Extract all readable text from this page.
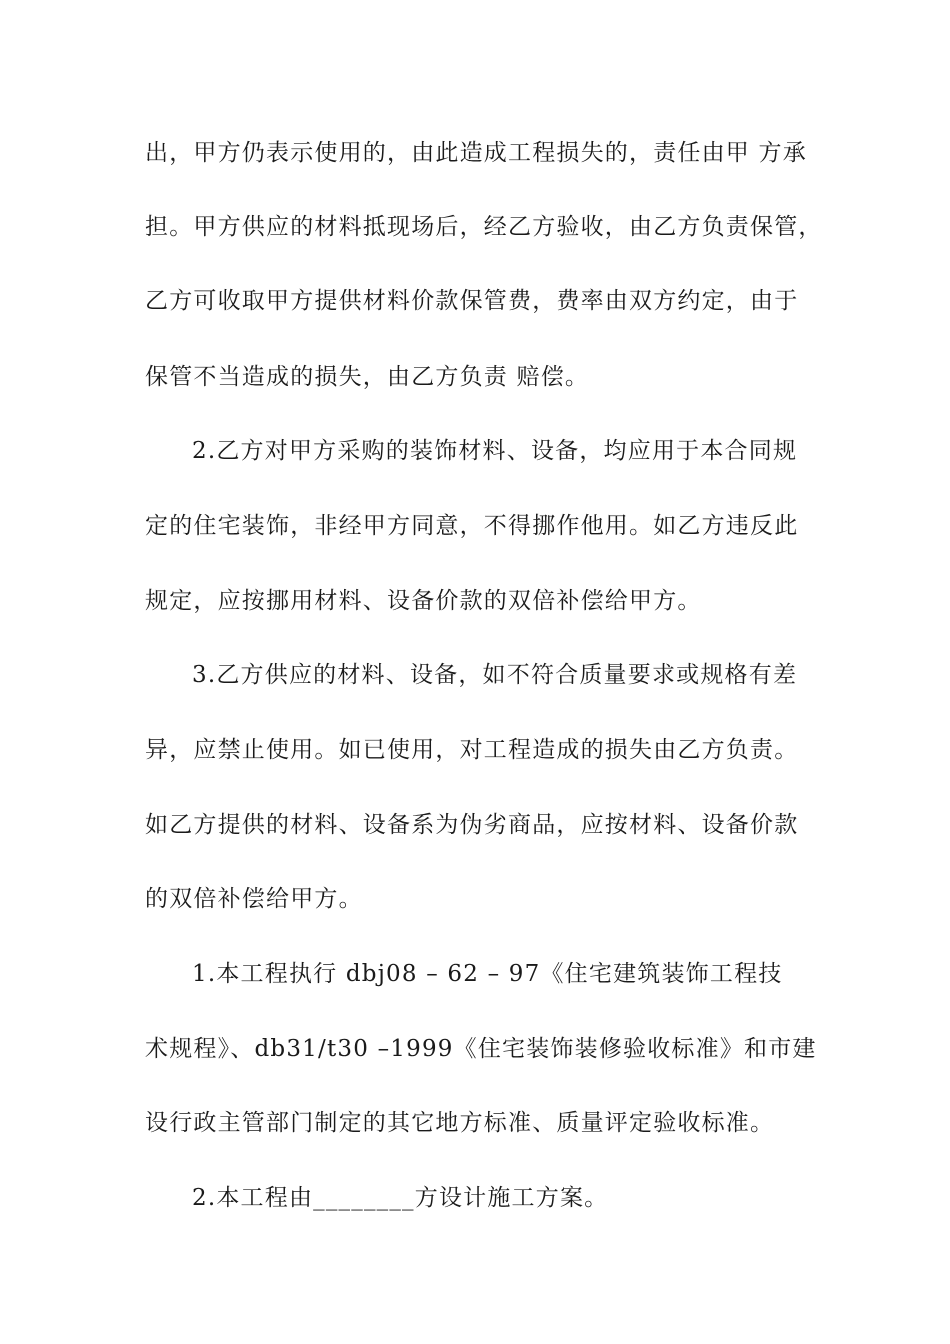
出，甲方仍表示使用的，由此造成工程损失的，责任由甲 方承
担。甲方供应的材料抵现场后，经乙方验收，由乙方负责保管，
乙方可收取甲方提供材料价款保管费，费率由双方约定，由于
保管不当造成的损失，由乙方负责 赔偿。
2.乙方对甲方采购的装饰材料、设备，均应用于本合同规
定的住宅装饰，非经甲方同意，不得挪作他用。如乙方违反此
规定，应按挪用材料、设备价款的双倍补偿给甲方。
3.乙方供应的材料、设备，如不符合质量要求或规格有差
异，应禁止使用。如已使用，对工程造成的损失由乙方负责。
如乙方提供的材料、设备系为伪劣商品，应按材料、设备价款
的双倍补偿给甲方。
1.本工程执行 dbj08 – 62 – 97《住宅建筑装饰工程技
术规程》、db31/t30 –1999《住宅装饰装修验收标准》和市建
设行政主管部门制定的其它地方标准、质量评定验收标准。
2.本工程由________方设计施工方案。
